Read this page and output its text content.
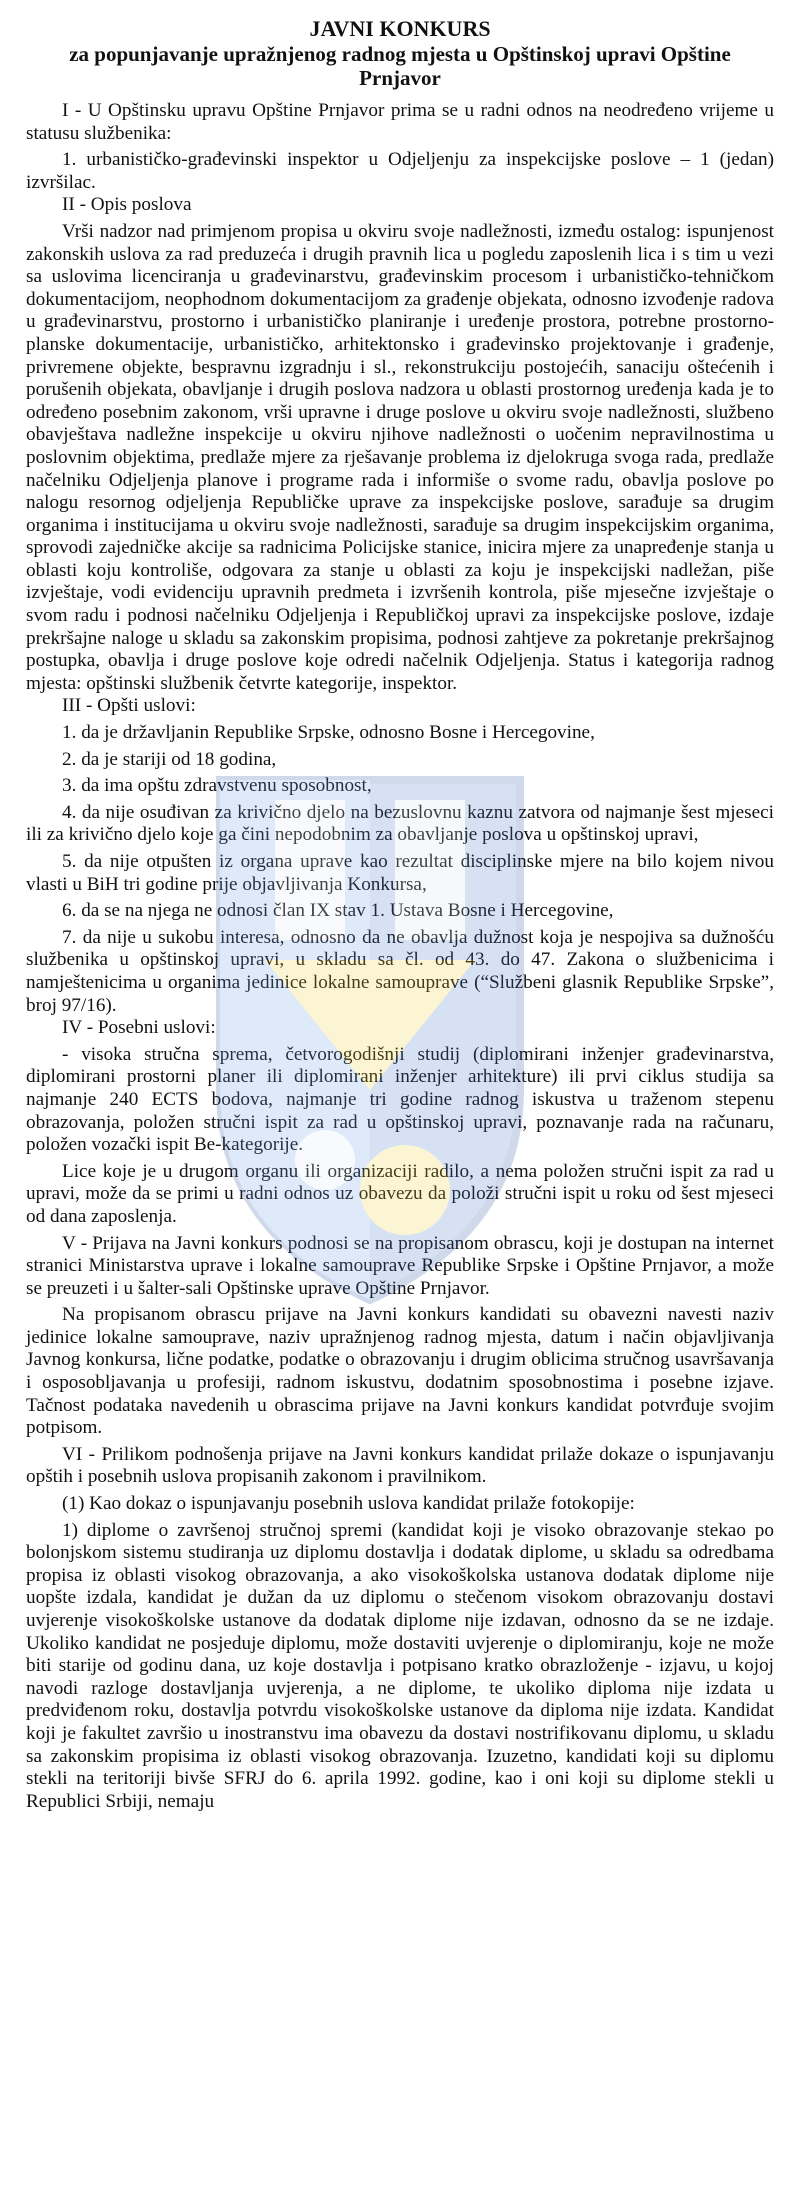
JAVNI KONKURS
za popunjavanje upražnjenog radnog mjesta u Opštinskoj upravi Opštine Prnjavor

I - U Opštinsku upravu Opštine Prnjavor prima se u radni odnos na neodređeno vrijeme u statusu službenika:

1. urbanističko-građevinski inspektor u Odjeljenju za inspekcijske poslove – 1 (jedan) izvršilac.

II - Opis poslova

Vrši nadzor nad primjenom propisa u okviru svoje nadležnosti, između ostalog: ispunjenost zakonskih uslova za rad preduzeća i drugih pravnih lica u pogledu zaposlenih lica i s tim u vezi sa uslovima licenciranja u građevinarstvu, građevinskim procesom i urbanističko-tehničkom dokumentacijom, neophodnom dokumentacijom za građenje objekata, odnosno izvođenje radova u građevinarstvu, prostorno i urbanističko planiranje i uređenje prostora, potrebne prostorno-planske dokumentacije, urbanističko, arhitektonsko i građevinsko projektovanje i građenje, privremene objekte, bespravnu izgradnju i sl., rekonstrukciju postojećih, sanaciju oštećenih i porušenih objekata, obavljanje i drugih poslova nadzora u oblasti prostornog uređenja kada je to određeno posebnim zakonom, vrši upravne i druge poslove u okviru svoje nadležnosti, službeno obavještava nadležne inspekcije u okviru njihove nadležnosti o uočenim nepravilnostima u poslovnim objektima, predlaže mjere za rješavanje problema iz djelokruga svoga rada, predlaže načelniku Odjeljenja planove i programe rada i informiše o svome radu, obavlja poslove po nalogu resornog odjeljenja Republičke uprave za inspekcijske poslove, sarađuje sa drugim organima i institucijama u okviru svoje nadležnosti, sarađuje sa drugim inspekcijskim organima, sprovodi zajedničke akcije sa radnicima Policijske stanice, inicira mjere za unapređenje stanja u oblasti koju kontroliše, odgovara za stanje u oblasti za koju je inspekcijski nadležan, piše izvještaje, vodi evidenciju upravnih predmeta i izvršenih kontrola, piše mjesečne izvještaje o svom radu i podnosi načelniku Odjeljenja i Republičkoj upravi za inspekcijske poslove, izdaje prekršajne naloge u skladu sa zakonskim propisima, podnosi zahtjeve za pokretanje prekršajnog postupka, obavlja i druge poslove koje odredi načelnik Odjeljenja. Status i kategorija radnog mjesta: opštinski službenik četvrte kategorije, inspektor.

III - Opšti uslovi:

1. da je državljanin Republike Srpske, odnosno Bosne i Hercegovine,

2. da je stariji od 18 godina,

3. da ima opštu zdravstvenu sposobnost,

4. da nije osuđivan za krivično djelo na bezuslovnu kaznu zatvora od najmanje šest mjeseci ili za krivično djelo koje ga čini nepodobnim za obavljanje poslova u opštinskoj upravi,

5. da nije otpušten iz organa uprave kao rezultat disciplinske mjere na bilo kojem nivou vlasti u BiH tri godine prije objavljivanja Konkursa,

6. da se na njega ne odnosi član IX stav 1. Ustava Bosne i Hercegovine,

7. da nije u sukobu interesa, odnosno da ne obavlja dužnost koja je nespojiva sa dužnošću službenika u opštinskoj upravi, u skladu sa čl. od 43. do 47. Zakona o službenicima i namještenicima u organima jedinice lokalne samouprave (“Službeni glasnik Republike Srpske”, broj 97/16).

IV - Posebni uslovi:

- visoka stručna sprema, četvorogodišnji studij (diplomirani inženjer građevinarstva, diplomirani prostorni planer ili diplomirani inženjer arhitekture) ili prvi ciklus studija sa najmanje 240 ECTS bodova, najmanje tri godine radnog iskustva u traženom stepenu obrazovanja, položen stručni ispit za rad u opštinskoj upravi, poznavanje rada na računaru, položen vozački ispit Be-kategorije.

Lice koje je u drugom organu ili organizaciji radilo, a nema položen stručni ispit za rad u upravi, može da se primi u radni odnos uz obavezu da položi stručni ispit u roku od šest mjeseci od dana zaposlenja.

V - Prijava na Javni konkurs podnosi se na propisanom obrascu, koji je dostupan na internet stranici Ministarstva uprave i lokalne samouprave Republike Srpske i Opštine Prnjavor, a može se preuzeti i u šalter-sali Opštinske uprave Opštine Prnjavor.

Na propisanom obrascu prijave na Javni konkurs kandidati su obavezni navesti naziv jedinice lokalne samouprave, naziv upražnjenog radnog mjesta, datum i način objavljivanja Javnog konkursa, lične podatke, podatke o obrazovanju i drugim oblicima stručnog usavršavanja i osposobljavanja u profesiji, radnom iskustvu, dodatnim sposobnostima i posebne izjave. Tačnost podataka navedenih u obrascima prijave na Javni konkurs kandidat potvrđuje svojim potpisom.

VI - Prilikom podnošenja prijave na Javni konkurs kandidat prilaže dokaze o ispunjavanju opštih i posebnih uslova propisanih zakonom i pravilnikom.

(1) Kao dokaz o ispunjavanju posebnih uslova kandidat prilaže fotokopije:

1) diplome o završenoj stručnoj spremi (kandidat koji je visoko obrazovanje stekao po bolonjskom sistemu studiranja uz diplomu dostavlja i dodatak diplome, u skladu sa odredbama propisa iz oblasti visokog obrazovanja, a ako visokoškolska ustanova dodatak diplome nije uopšte izdala, kandidat je dužan da uz diplomu o stečenom visokom obrazovanju dostavi uvjerenje visokoškolske ustanove da dodatak diplome nije izdavan, odnosno da se ne izdaje. Ukoliko kandidat ne posjeduje diplomu, može dostaviti uvjerenje o diplomiranju, koje ne može biti starije od godinu dana, uz koje dostavlja i potpisano kratko obrazloženje - izjavu, u kojoj navodi razloge dostavljanja uvjerenja, a ne diplome, te ukoliko diploma nije izdata u predviđenom roku, dostavlja potvrdu visokoškolske ustanove da diploma nije izdata. Kandidat koji je fakultet završio u inostranstvu ima obavezu da dostavi nostrifikovanu diplomu, u skladu sa zakonskim propisima iz oblasti visokog obrazovanja. Izuzetno, kandidati koji su diplomu stekli na teritoriji bivše SFRJ do 6. aprila 1992. godine, kao i oni koji su diplome stekli u Republici Srbiji, nemaju
